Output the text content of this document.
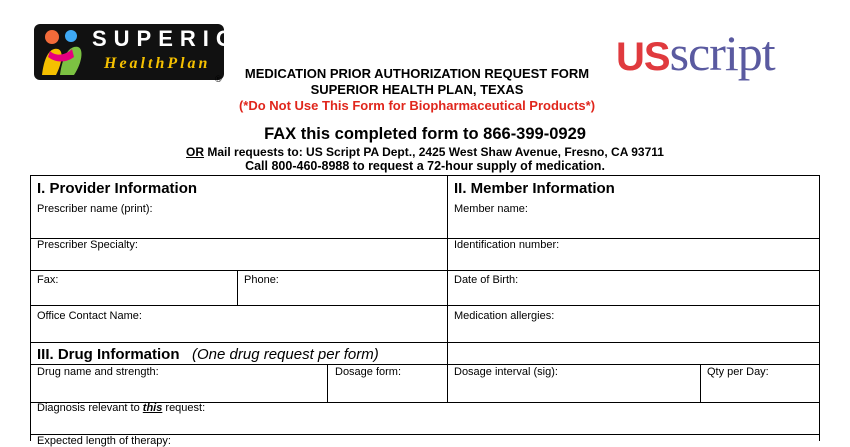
SUPERIOR
HealthPlan
®	USscript
MEDICATION PRIOR AUTHORIZATION REQUEST FORM
SUPERIOR HEALTH PLAN, TEXAS
(*Do Not Use This Form for Biopharmaceutical Products*)
FAX this completed form to 866-399-0929
OR Mail requests to: US Script PA Dept., 2425 West Shaw Avenue, Fresno, CA 93711
Call 800-460-8988 to request a 72-hour supply of medication.
I. Provider Information	II. Member Information
III. Drug Information (One drug request per form)
Prescriber name (print):	Member name:
Prescriber Specialty:	Identification number:
Fax:	Phone:	Date of Birth:
Office Contact Name:	Medication allergies:
Drug name and strength:	Dosage form:	Dosage interval (sig):	Qty per Day:
Diagnosis relevant to this request:
Expected length of therapy:
